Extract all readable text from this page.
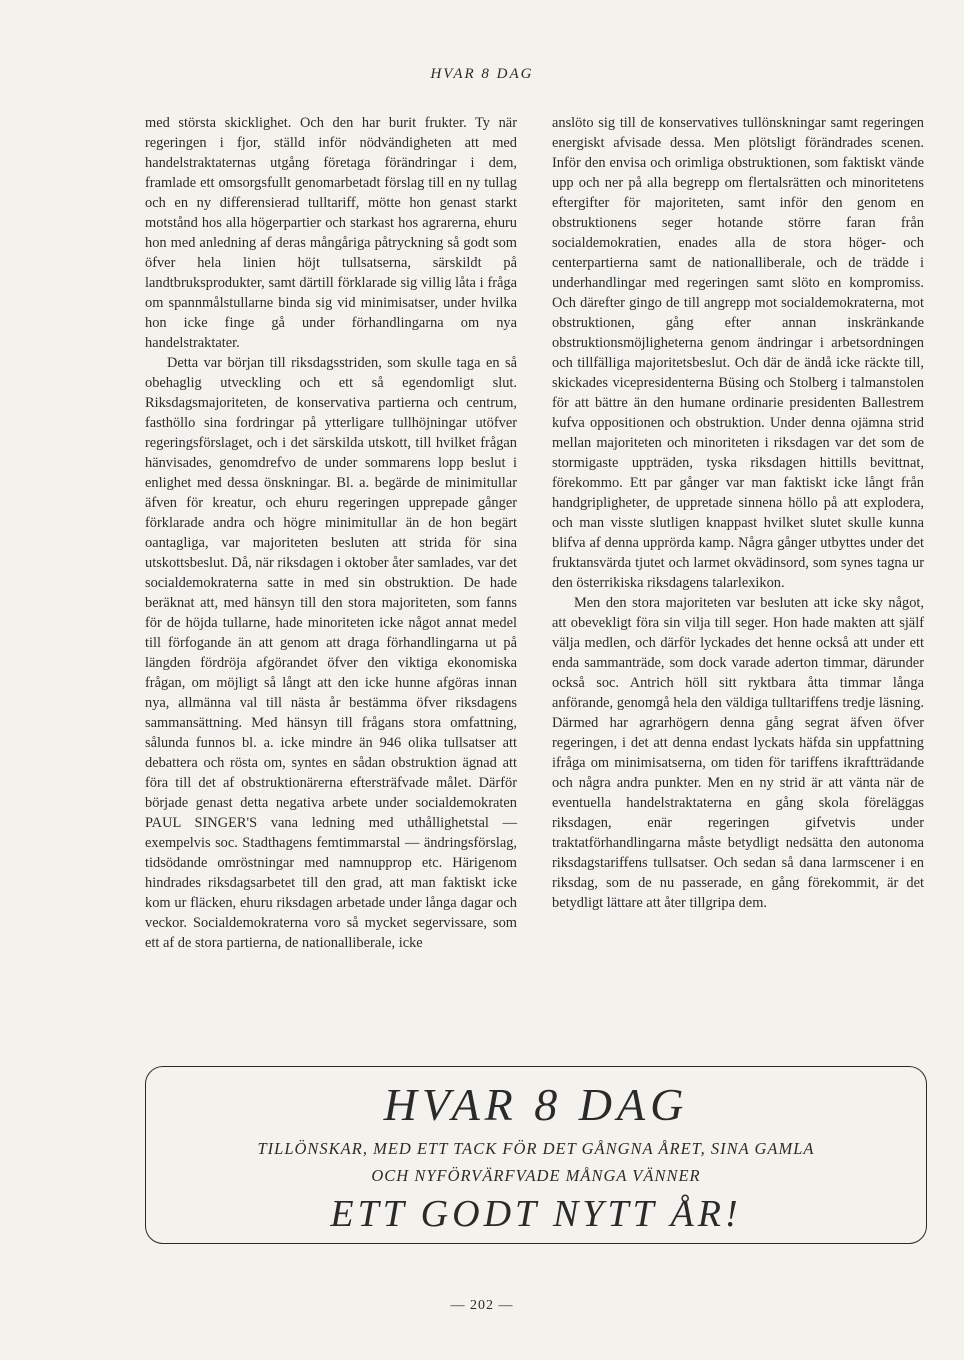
HVAR 8 DAG

med största skicklighet. Och den har burit frukter. Ty när regeringen i fjor, ställd inför nödvändigheten att med handelstraktaternas utgång företaga förändringar i dem, framlade ett omsorgsfullt genomarbetadt förslag till en ny tullag och en ny differensierad tulltariff, mötte hon genast starkt motstånd hos alla högerpartier och starkast hos agrarerna, ehuru hon med anledning af deras mångåriga påtryckning så godt som öfver hela linien höjt tullsatserna, särskildt på landtbruksprodukter, samt därtill förklarade sig villig låta i fråga om spannmålstullarne binda sig vid minimisatser, under hvilka hon icke finge gå under förhandlingarna om nya handelstraktater.

Detta var början till riksdagsstriden, som skulle taga en så obehaglig utveckling och ett så egendomligt slut. Riksdagsmajoriteten, de konservativa partierna och centrum, fasthöllo sina fordringar på ytterligare tullhöjningar utöfver regeringsförslaget, och i det särskilda utskott, till hvilket frågan hänvisades, genomdrefvo de under sommarens lopp beslut i enlighet med dessa önskningar. Bl. a. begärde de minimitullar äfven för kreatur, och ehuru regeringen upprepade gånger förklarade andra och högre minimitullar än de hon begärt oantagliga, var majoriteten besluten att strida för sina utskottsbeslut. Då, när riksdagen i oktober åter samlades, var det socialdemokraterna satte in med sin obstruktion. De hade beräknat att, med hänsyn till den stora majoriteten, som fanns för de höjda tullarne, hade minoriteten icke något annat medel till förfogande än att genom att draga förhandlingarna ut på längden fördröja afgörandet öfver den viktiga ekonomiska frågan, om möjligt så långt att den icke hunne afgöras innan nya, allmänna val till nästa år bestämma öfver riksdagens sammansättning. Med hänsyn till frågans stora omfattning, sålunda funnos bl. a. icke mindre än 946 olika tullsatser att debattera och rösta om, syntes en sådan obstruktion ägnad att föra till det af obstruktionärerna eftersträfvade målet. Därför började genast detta negativa arbete under socialdemokraten PAUL SINGER'S vana ledning med uthållighetstal — exempelvis soc. Stadthagens femtimmarstal — ändringsförslag, tidsödande omröstningar med namnupprop etc. Härigenom hindrades riksdagsarbetet till den grad, att man faktiskt icke kom ur fläcken, ehuru riksdagen arbetade under långa dagar och veckor. Socialdemokraterna voro så mycket segervissare, som ett af de stora partierna, de nationalliberale, icke

anslöto sig till de konservatives tullönskningar samt regeringen energiskt afvisade dessa. Men plötsligt förändrades scenen. Inför den envisa och orimliga obstruktionen, som faktiskt vände upp och ner på alla begrepp om flertalsrätten och minoritetens eftergifter för majoriteten, samt inför den genom en obstruktionens seger hotande större faran från socialdemokratien, enades alla de stora höger- och centerpartierna samt de nationalliberale, och de trädde i underhandlingar med regeringen samt slöto en kompromiss. Och därefter gingo de till angrepp mot socialdemokraterna, mot obstruktionen, gång efter annan inskränkande obstruktionsmöjligheterna genom ändringar i arbetsordningen och tillfälliga majoritetsbeslut. Och där de ändå icke räckte till, skickades vicepresidenterna Büsing och Stolberg i talmanstolen för att bättre än den humane ordinarie presidenten Ballestrem kufva oppositionen och obstruktion. Under denna ojämna strid mellan majoriteten och minoriteten i riksdagen var det som de stormigaste uppträden, tyska riksdagen hittills bevittnat, förekommo. Ett par gånger var man faktiskt icke långt från handgripligheter, de uppretade sinnena höllo på att explodera, och man visste slutligen knappast hvilket slutet skulle kunna blifva af denna upprörda kamp. Några gånger utbyttes under det fruktansvärda tjutet och larmet okvädinsord, som synes tagna ur den österrikiska riksdagens talarlexikon.

Men den stora majoriteten var besluten att icke sky något, att obevekligt föra sin vilja till seger. Hon hade makten att själf välja medlen, och därför lyckades det henne också att under ett enda sammanträde, som dock varade aderton timmar, därunder också soc. Antrich höll sitt ryktbara åtta timmar långa anförande, genomgå hela den väldiga tulltariffens tredje läsning. Därmed har agrarhögern denna gång segrat äfven öfver regeringen, i det att denna endast lyckats häfda sin uppfattning ifråga om minimisatserna, om tiden för tariffens ikraftträdande och några andra punkter. Men en ny strid är att vänta när de eventuella handelstraktaterna en gång skola föreläggas riksdagen, enär regeringen gifvetvis under traktatförhandlingarna måste betydligt nedsätta den autonoma riksdagstariffens tullsatser. Och sedan så dana larmscener i en riksdag, som de nu passerade, en gång förekommit, är det betydligt lättare att åter tillgripa dem.

HVAR 8 DAG
TILLÖNSKAR, MED ETT TACK FÖR DET GÅNGNA ÅRET, SINA GAMLA
OCH NYFÖRVÄRFVADE MÅNGA VÄNNER
ETT GODT NYTT ÅR!
— 202 —
